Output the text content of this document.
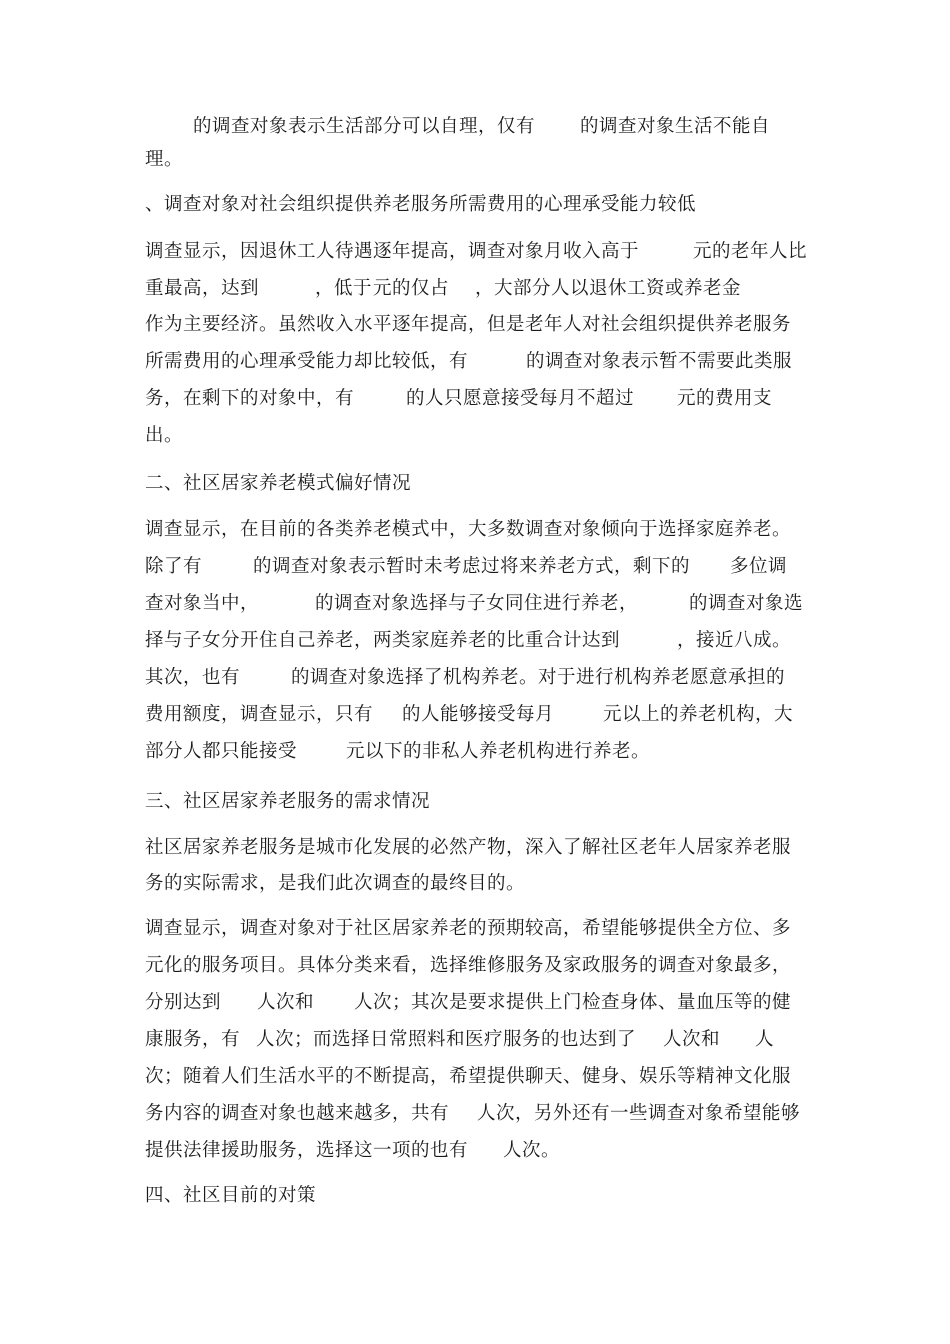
的调查对象表示生活部分可以自理，仅有 的调查对象生活不能自
理。
、调查对象对社会组织提供养老服务所需费用的心理承受能力较低
调查显示，因退休工人待遇逐年提高，调查对象月收入高于	元的老年人比
重最高，达到	，低于 元的仅占 ，大部分人以退休工资或养老金
作为主要经济。虽然收入水平逐年提高，但是老年人对社会组织提供养老服务
所需费用的心理承受能力却比较低，有	的调查对象表示暂不需要此类服
务，在剩下的对象中，有	的人只愿意接受每月不超过 元的费用支
出。
二、社区居家养老模式偏好情况
调查显示，在目前的各类养老模式中，大多数调查对象倾向于选择家庭养老。
除了有	的调查对象表示暂时未考虑过将来养老方式，剩下的 多位调
查对象当中，	的调查对象选择与子女同住进行养老，	的调查对象选
择与子女分开住自己养老，两类家庭养老的比重合计达到	，接近八成。
其次，也有	的调查对象选择了机构养老。对于进行机构养老愿意承担的
费用额度，调查显示，只有 的人能够接受每月	元以上的养老机构，大
部分人都只能接受	元以下的非私人养老机构进行养老。
三、社区居家养老服务的需求情况
社区居家养老服务是城市化发展的必然产物，深入了解社区老年人居家养老服
务的实际需求，是我们此次调查的最终目的。
调查显示，调查对象对于社区居家养老的预期较高，希望能够提供全方位、多
元化的服务项目。具体分类来看，选择维修服务及家政服务的调查对象最多，
分别达到 人次和 人次；其次是要求提供上门检查身体、量血压等的健
康服务，有 人次；而选择日常照料和医疗服务的也达到了 人次和 人
次；随着人们生活水平的不断提高，希望提供聊天、健身、娱乐等精神文化服
务内容的调查对象也越来越多，共有 人次，另外还有一些调查对象希望能够
提供法律援助服务，选择这一项的也有 人次。
四、社区目前的对策
